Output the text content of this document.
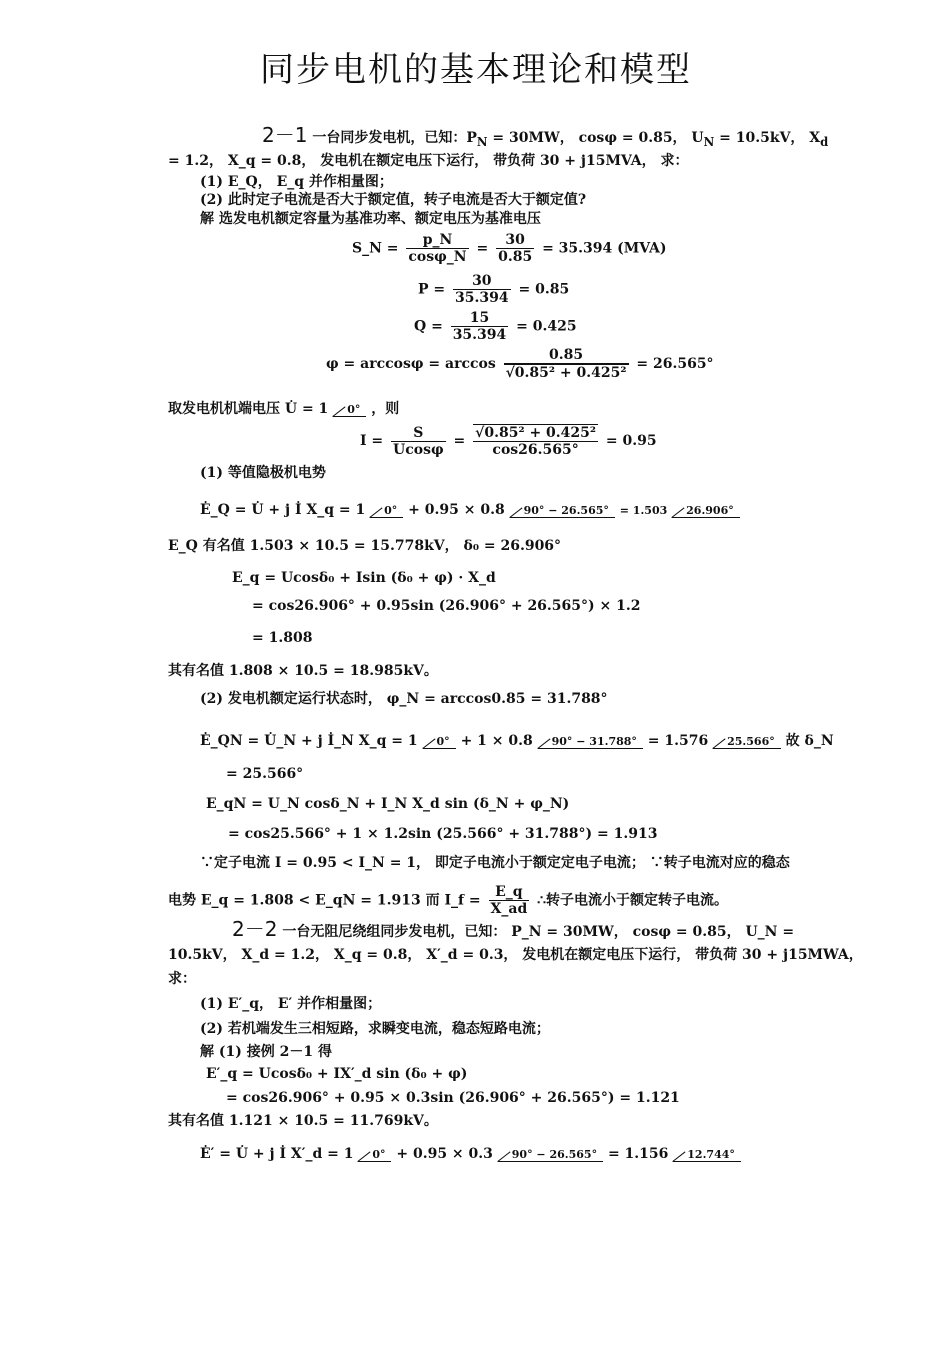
同步电机的基本理论和模型
2－1 一台同步发电机，已知：$P_N = 30MW$， cosφ = 0.85， $U_N = 10.5kV$， $X_d$
= 1.2， X_q = 0.8， 发电机在额定电压下运行， 带负荷 30 + j15MVA， 求：
(1) E_Q， E_q 并作相量图；
(2) 此时定子电流是否大于额定值，转子电流是否大于额定值?
解 选发电机额定容量为基准功率、额定电压为基准电压
S_N = $\frac{p\_N}{\cos\varphi\_N} = \frac{30}{0.85} = 35.394$ (MVA)
$P = \frac{30}{35.394} = 0.85$
$Q = \frac{15}{35.394} = 0.425$
$\varphi = \arccos\varphi = \arccos \frac{0.85}{\text{√0.85² + 0.425²}} = 26.565^\circ$
取发电机机端电压 U̇ = 1 0° ，则
$I = \frac{S}{Ucos\varphi} = \frac{\text{√0.85² + 0.425²}}{\cos 26.565^\circ} = 0.95$
(1) 等值隐极机电势
Ė_Q = U̇ + j İ X_q = 1 0° + 0.95 × 0.8 90° − 26.565° = 1.503 26.906°
E_Q 有名值 1.503 × 10.5 = 15.778kV， δ₀ = 26.906°
E_q = Ucosδ₀ + Isin (δ₀ + φ) · X_d
= cos26.906° + 0.95sin (26.906° + 26.565°) × 1.2
= 1.808
其有名值 1.808 × 10.5 = 18.985kV。
(2) 发电机额定运行状态时， φ_N = arccos0.85 = 31.788°
Ė_QN = U̇_N + j İ_N X_q = 1 0° + 1 × 0.8 90° − 31.788° = 1.576 25.566° 故 δ_N
= 25.566°
E_qN = U_N cosδ_N + I_N X_d sin (δ_N + φ_N)
= cos25.566° + 1 × 1.2sin (25.566° + 31.788°) = 1.913
∵定子电流 I = 0.95 < I_N = 1， 即定子电流小于额定定电子电流； ∵转子电流对应的稳态
电势 E_q = 1.808 < E_qN = 1.913 而 I_f = $\frac{E\_q}{X\_ad}$ ∴转子电流小于额定转子电流。
2－2 一台无阻尼绕组同步发电机，已知： P_N = 30MW， cosφ = 0.85， U_N =
10.5kV， X_d = 1.2， X_q = 0.8， X′_d = 0.3， 发电机在额定电压下运行， 带负荷 30 + j15MWA，
求：
(1) E′_q， E′ 并作相量图；
(2) 若机端发生三相短路，求瞬变电流，稳态短路电流；
解 (1) 接例 2－1 得
E′_q = Ucosδ₀ + IX′_d sin (δ₀ + φ)
= cos26.906° + 0.95 × 0.3sin (26.906° + 26.565°) = 1.121
其有名值 1.121 × 10.5 = 11.769kV。
Ė′ = U̇ + j İ X′_d = 1 0° + 0.95 × 0.3 90° − 26.565° = 1.156 12.744°
